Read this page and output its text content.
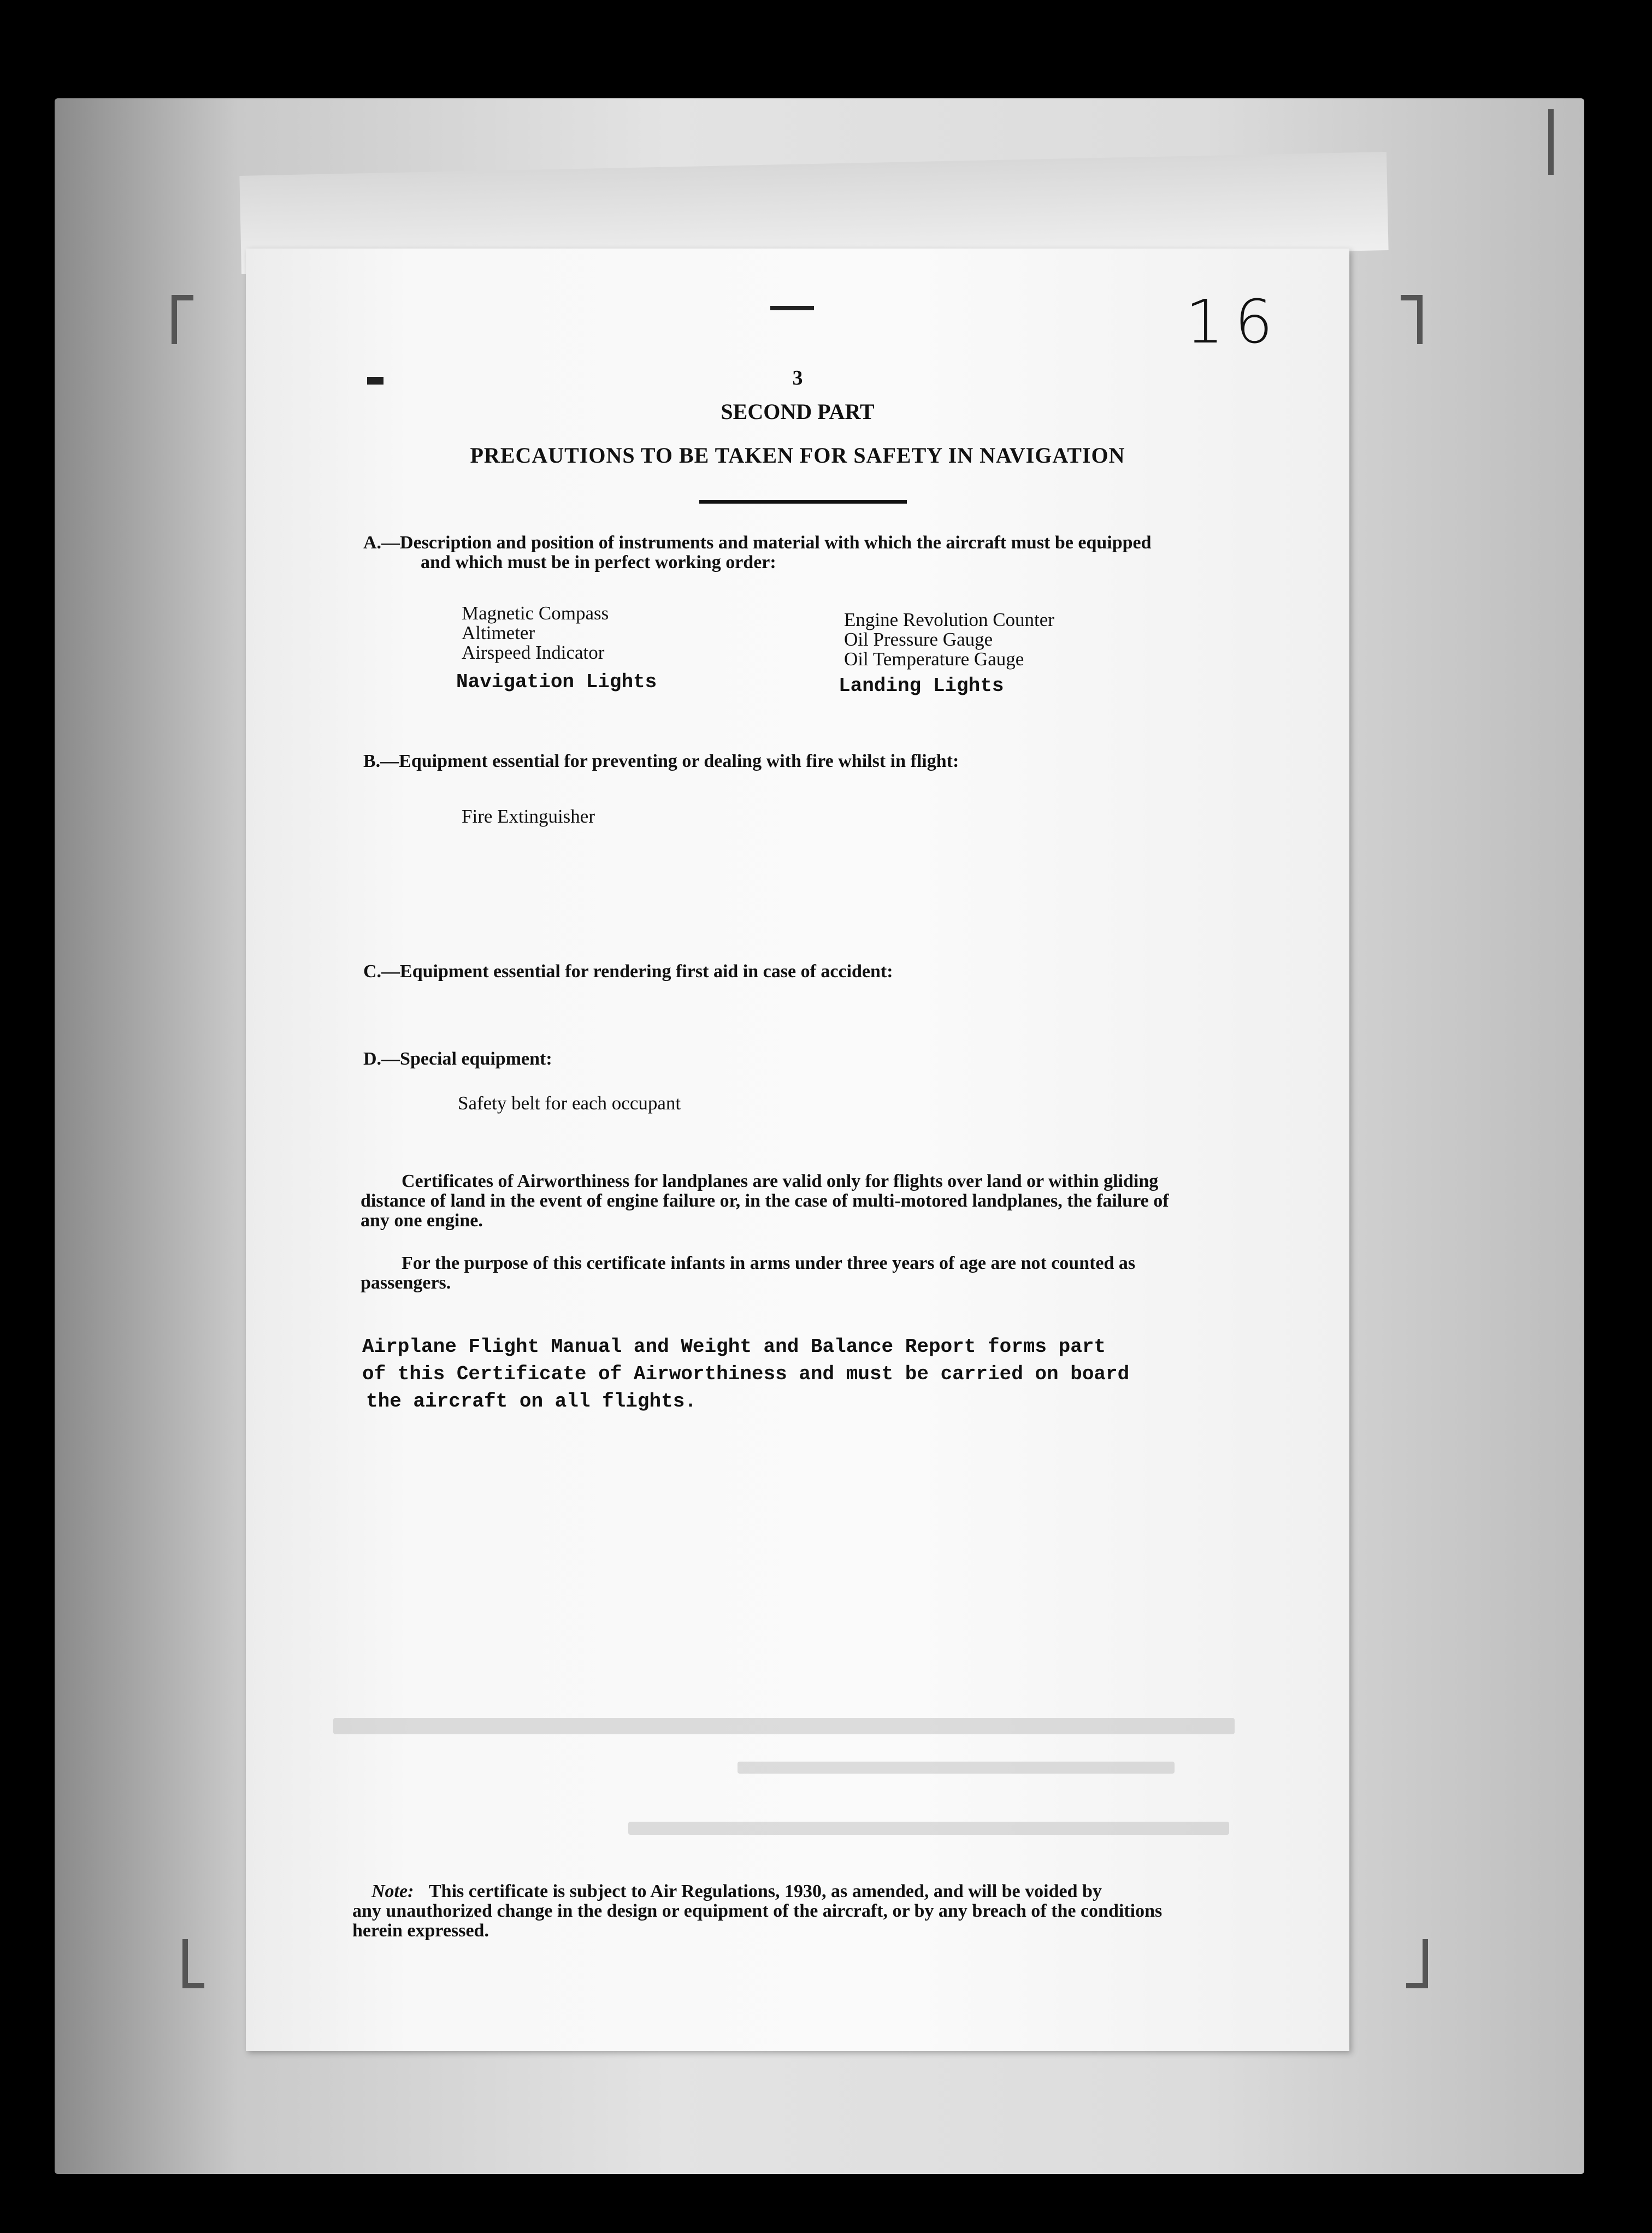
16
3
SECOND PART
PRECAUTIONS TO BE TAKEN FOR SAFETY IN NAVIGATION
A.—Description and position of instruments and material with which the aircraft must be equipped
and which must be in perfect working order:
Magnetic Compass
Altimeter
Airspeed Indicator
Engine Revolution Counter
Oil Pressure Gauge
Oil Temperature Gauge
Navigation Lights	Landing Lights
B.—Equipment essential for preventing or dealing with fire whilst in flight:
Fire Extinguisher
C.—Equipment essential for rendering first aid in case of accident:
D.—Special equipment:
Safety belt for each occupant
Certificates of Airworthiness for landplanes are valid only for flights over land or within gliding
distance of land in the event of engine failure or, in the case of multi-motored landplanes, the failure of
any one engine.
For the purpose of this certificate infants in arms under three years of age are not counted as
passengers.
Airplane Flight Manual and Weight and Balance Report forms part
of this Certificate of Airworthiness and must be carried on board
the aircraft on all flights.
Note: This certificate is subject to Air Regulations, 1930, as amended, and will be voided by
any unauthorized change in the design or equipment of the aircraft, or by any breach of the conditions
herein expressed.
